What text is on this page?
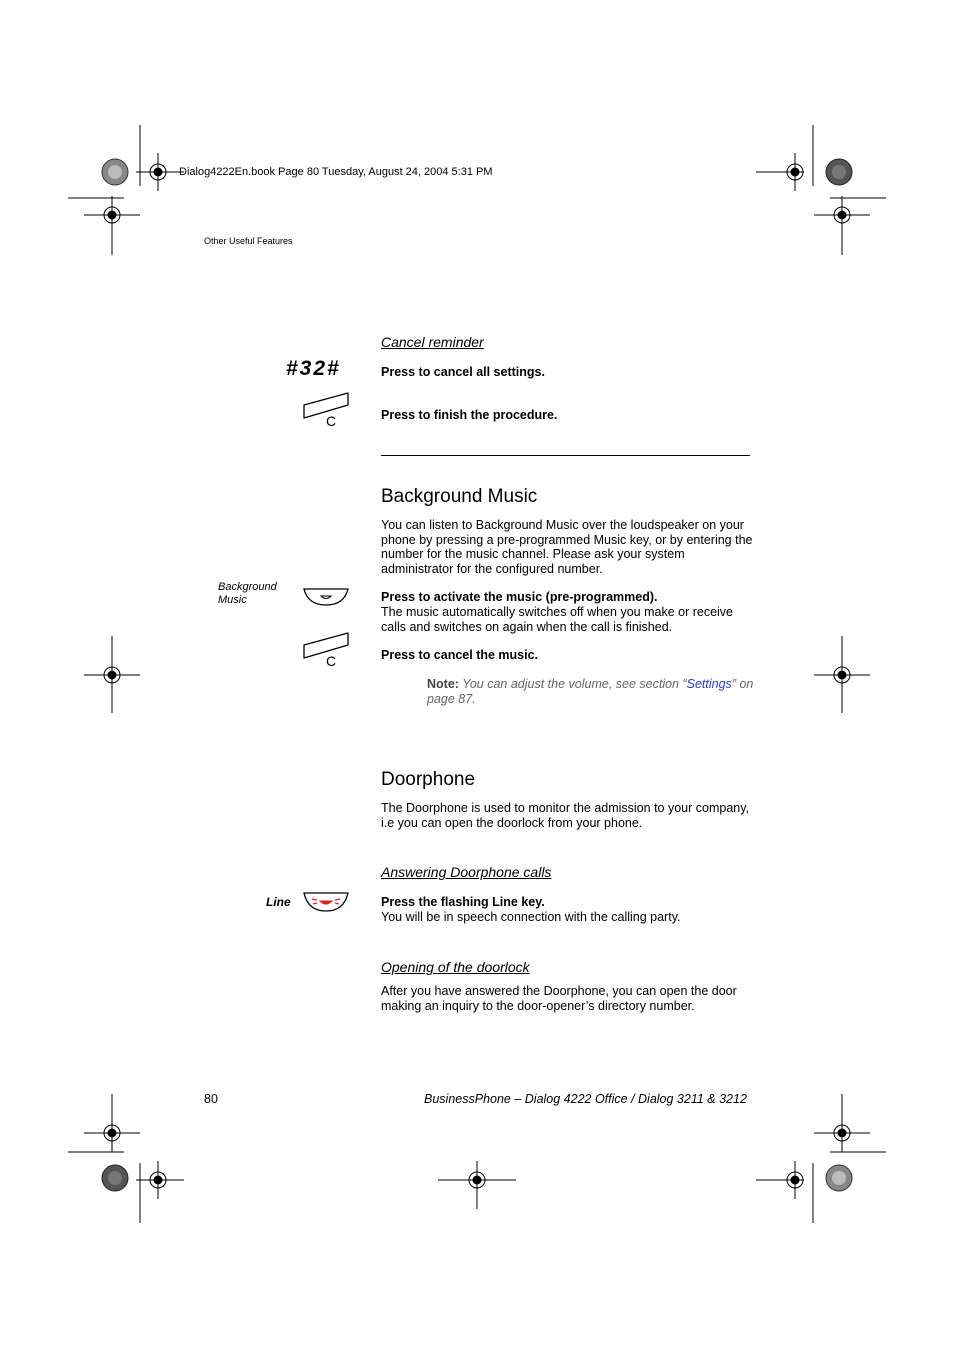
Dialog4222En.book Page 80 Tuesday, August 24, 2004 5:31 PM
Other Useful Features
Cancel reminder
#32#	Press to cancel all settings.
C	Press to finish the procedure.
Background Music
You can listen to Background Music over the loudspeaker on your phone by pressing a pre-programmed Music key, or by entering the number for the music channel. Please ask your system administrator for the configured number.
Background Music	Press to activate the music (pre-programmed).
The music automatically switches off when you make or receive calls and switches on again when the call is finished.
C	Press to cancel the music.
Note: You can adjust the volume, see section “Settings” on page 87.
Doorphone
The Doorphone is used to monitor the admission to your company, i.e you can open the doorlock from your phone.
Answering Doorphone calls
Line	Press the flashing Line key.
You will be in speech connection with the calling party.
Opening of the doorlock
After you have answered the Doorphone, you can open the door making an inquiry to the door-opener’s directory number.
80	BusinessPhone – Dialog 4222 Office / Dialog 3211 & 3212
